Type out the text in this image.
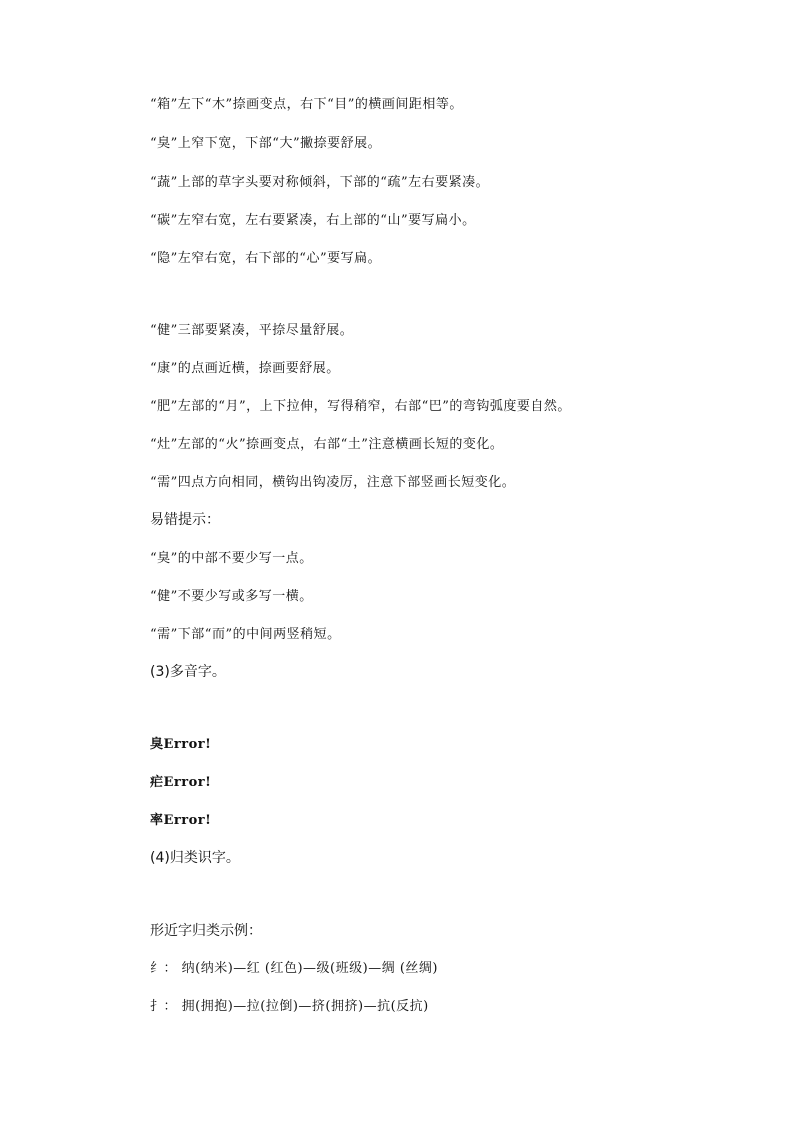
“箱”左下“木”捺画变点，右下“目”的横画间距相等。
“臭”上窄下宽，下部“大”撇捺要舒展。
“蔬”上部的草字头要对称倾斜，下部的“疏”左右要紧凑。
“碳”左窄右宽，左右要紧凑，右上部的“山”要写扁小。
“隐”左窄右宽，右下部的“心”要写扁。
“健”三部要紧凑，平捺尽量舒展。
“康”的点画近横，捺画要舒展。
“肥”左部的“月”，上下拉伸，写得稍窄，右部“巴”的弯钩弧度要自然。
“灶”左部的“火”捺画变点，右部“土”注意横画长短的变化。
“需”四点方向相同，横钩出钩凌厉，注意下部竖画长短变化。
易错提示：
“臭”的中部不要少写一点。
“健”不要少写或多写一横。
“需”下部“而”的中间两竖稍短。
(3)多音字。
臭Error!
疟Error!
率Error!
(4)归类识字。
形近字归类示例：
纟： 纳(纳米)—红 (红色)—级(班级)—绸 (丝绸)
扌： 拥(拥抱)—拉(拉倒)—挤(拥挤)—抗(反抗)
